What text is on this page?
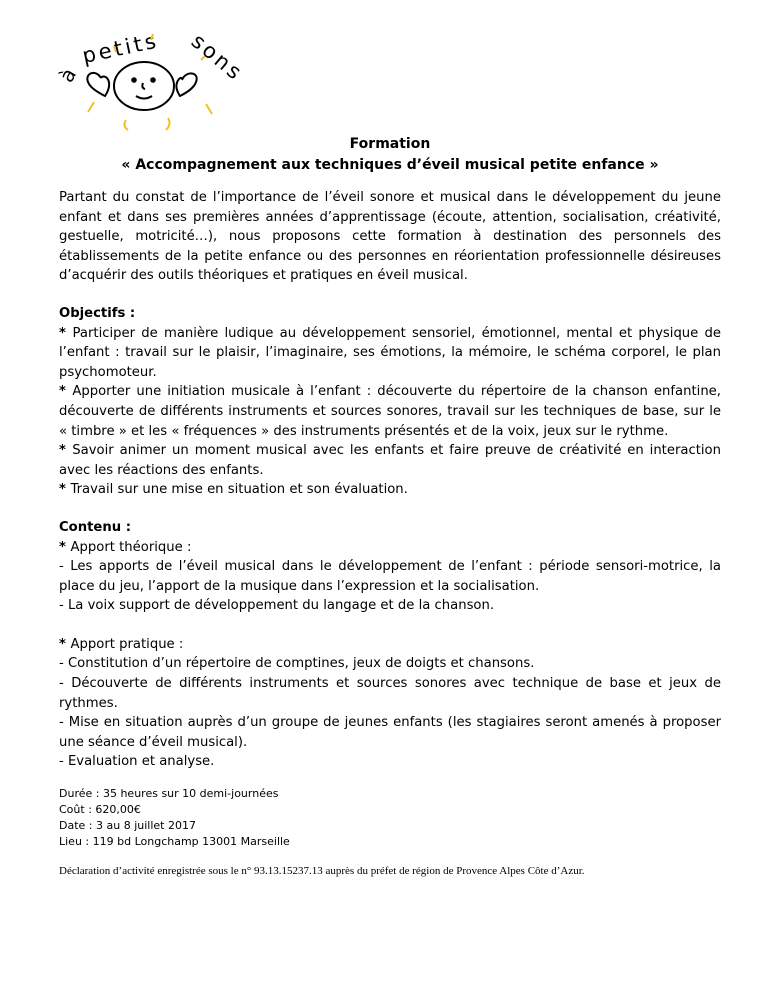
à
petits sons
Formation
« Accompagnement aux techniques d’éveil musical petite enfance »

Partant du constat de l’importance de l’éveil sonore et musical dans le développement du jeune enfant et dans ses premières années d’apprentissage (écoute, attention, socialisation, créativité, gestuelle, motricité…), nous proposons cette formation à destination des personnels des établissements de la petite enfance ou des personnes en réorientation professionnelle désireuses d’acquérir des outils théoriques et pratiques en éveil musical.

Objectifs :

* Participer de manière ludique au développement sensoriel, émotionnel, mental et physique de l’enfant : travail sur le plaisir, l’imaginaire, ses émotions, la mémoire, le schéma corporel, le plan psychomoteur.

* Apporter une initiation musicale à l’enfant : découverte du répertoire de la chanson enfantine, découverte de différents instruments et sources sonores, travail sur les techniques de base, sur le « timbre » et les « fréquences » des instruments présentés et de la voix, jeux sur le rythme.

* Savoir animer un moment musical avec les enfants et faire preuve de créativité en interaction avec les réactions des enfants.

* Travail sur une mise en situation et son évaluation.

Contenu :

* Apport théorique :

- Les apports de l’éveil musical dans le développement de l’enfant : période sensori-motrice, la place du jeu, l’apport de la musique dans l’expression et la socialisation.

- La voix support de développement du langage et de la chanson.

* Apport pratique :

- Constitution d’un répertoire de comptines, jeux de doigts et chansons.

- Découverte de différents instruments et sources sonores avec technique de base et jeux de rythmes.

- Mise en situation auprès d’un groupe de jeunes enfants (les stagiaires seront amenés à proposer une séance d’éveil musical).

- Evaluation et analyse.

Durée : 35 heures sur 10 demi-journées
Coût : 620,00€
Date : 3 au 8 juillet 2017
Lieu : 119 bd Longchamp 13001 Marseille
Déclaration d’activité enregistrée sous le n° 93.13.15237.13 auprès du préfet de région de Provence Alpes Côte d’Azur.
